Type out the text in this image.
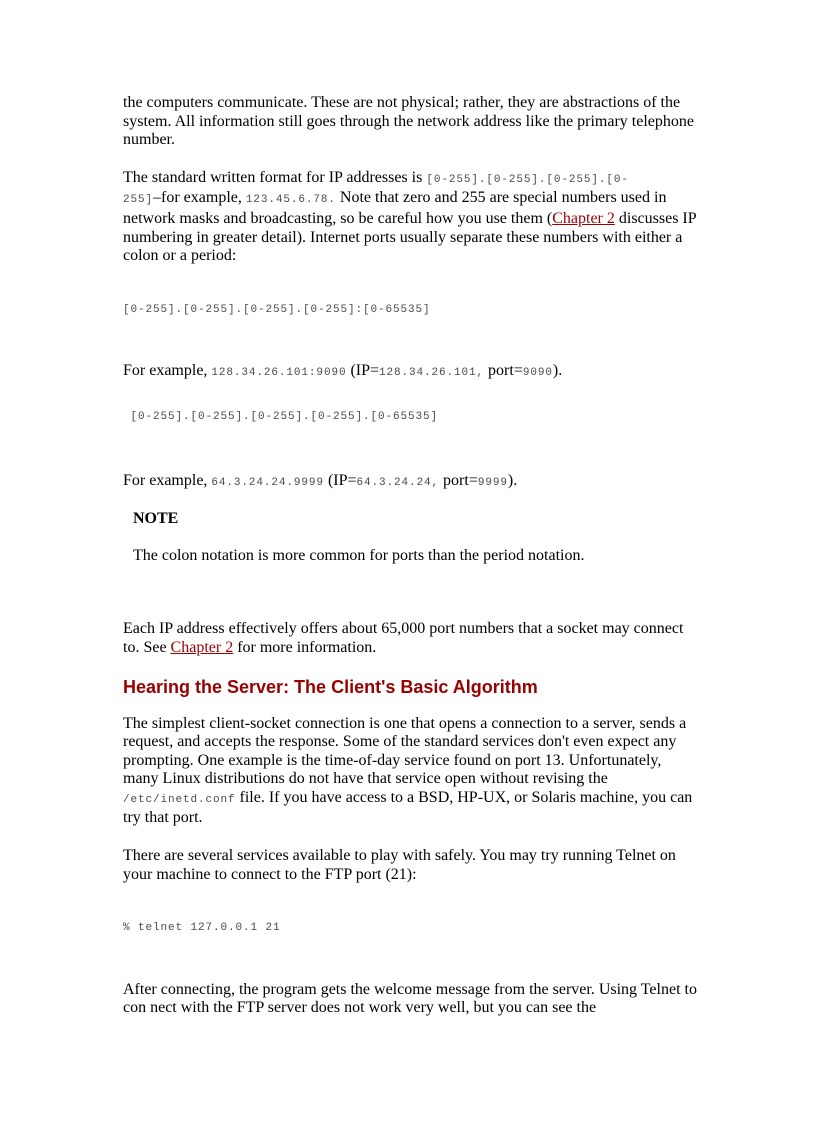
the computers communicate. These are not physical; rather, they are abstractions of the system. All information still goes through the network address like the primary telephone number.

The standard written format for IP addresses is [0-255].[0-255].[0-255].[0-
255]–for example, 123.45.6.78. Note that zero and 255 are special numbers used in network masks and broadcasting, so be careful how you use them (Chapter 2 discusses IP numbering in greater detail). Internet ports usually separate these numbers with either a colon or a period:

[0-255].[0-255].[0-255].[0-255]:[0-65535]

For example, 128.34.26.101:9090 (IP=128.34.26.101, port=9090).

[0-255].[0-255].[0-255].[0-255].[0-65535]

For example, 64.3.24.24.9999 (IP=64.3.24.24, port=9999).

NOTE

The colon notation is more common for ports than the period notation.

Each IP address effectively offers about 65,000 port numbers that a socket may connect to. See Chapter 2 for more information.

Hearing the Server: The Client's Basic Algorithm

The simplest client-socket connection is one that opens a connection to a server, sends a request, and accepts the response. Some of the standard services don't even expect any prompting. One example is the time-of-day service found on port 13. Unfortunately, many Linux distributions do not have that service open without revising the /etc/inetd.conf file. If you have access to a BSD, HP-UX, or Solaris machine, you can try that port.

There are several services available to play with safely. You may try running Telnet on your machine to connect to the FTP port (21):

% telnet 127.0.0.1 21

After connecting, the program gets the welcome message from the server. Using Telnet to con nect with the FTP server does not work very well, but you can see the
